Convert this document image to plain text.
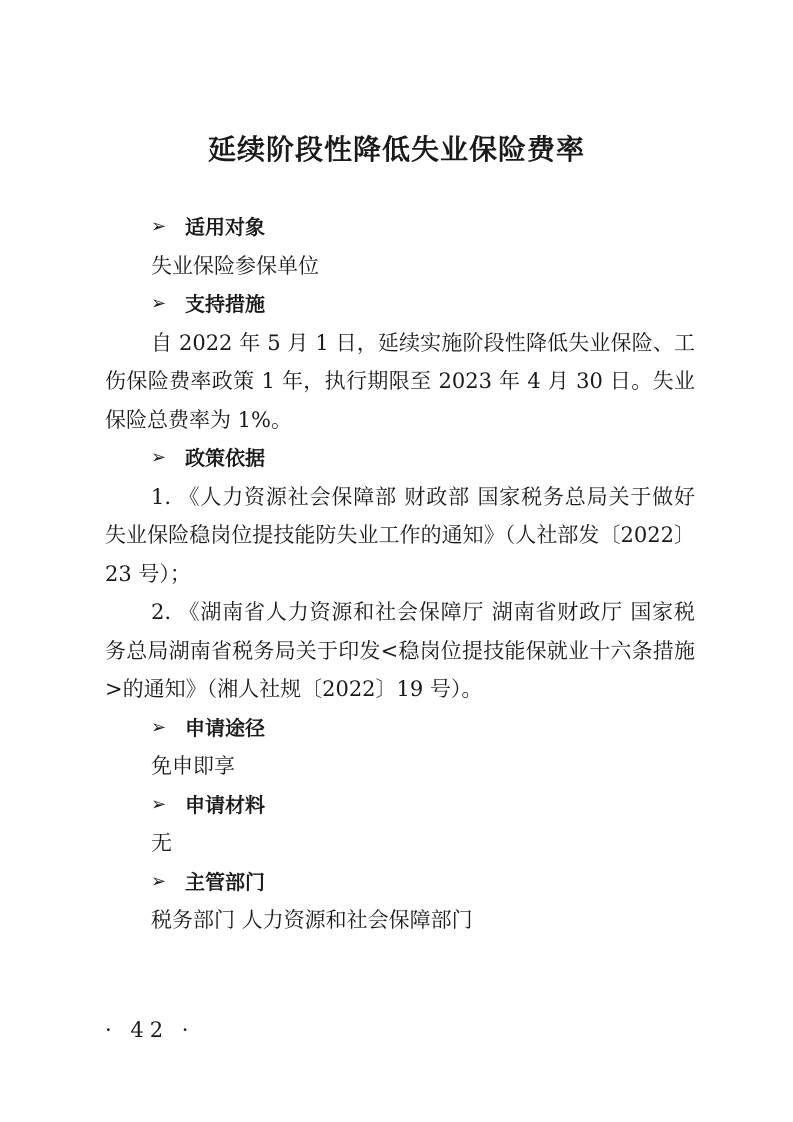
延续阶段性降低失业保险费率
➢ 适用对象
失业保险参保单位
➢ 支持措施
自 2022 年 5 月 1 日，延续实施阶段性降低失业保险、工伤保险费率政策 1 年，执行期限至 2023 年 4 月 30 日。失业保险总费率为 1%。
➢ 政策依据
1. 《人力资源社会保障部 财政部 国家税务总局关于做好失业保险稳岗位提技能防失业工作的通知》（人社部发〔2022〕23 号）；
2. 《湖南省人力资源和社会保障厅 湖南省财政厅 国家税务总局湖南省税务局关于印发<稳岗位提技能保就业十六条措施>的通知》（湘人社规〔2022〕19 号）。
➢ 申请途径
免申即享
➢ 申请材料
无
➢ 主管部门
税务部门 人力资源和社会保障部门
· 42 ·
